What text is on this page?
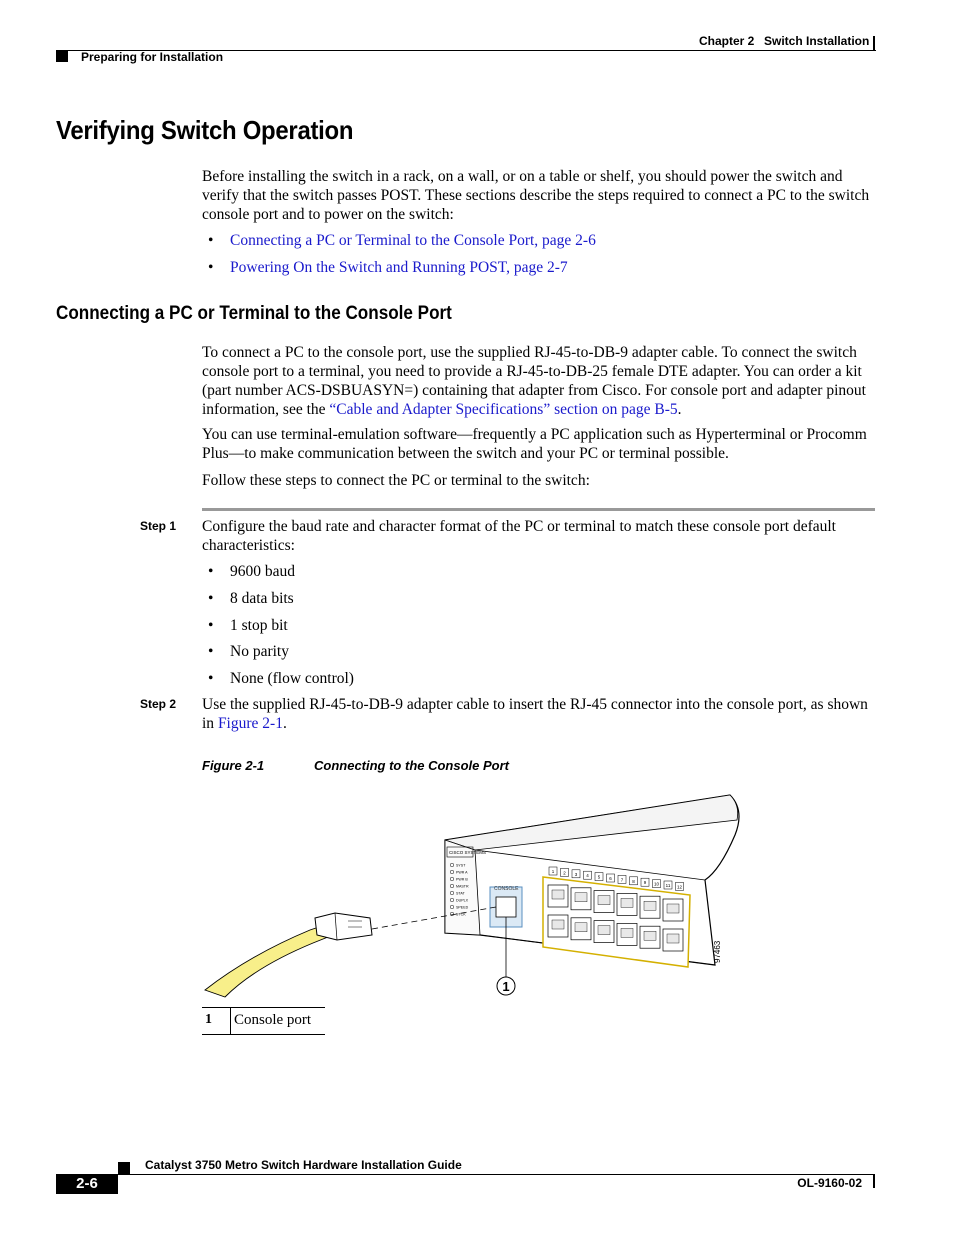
Chapter 2 Switch Installation
Preparing for Installation
Verifying Switch Operation

Before installing the switch in a rack, on a wall, or on a table or shelf, you should power the switch and verify that the switch passes POST. These sections describe the steps required to connect a PC to the switch console port and to power on the switch:

• Connecting a PC or Terminal to the Console Port, page 2-6
• Powering On the Switch and Running POST, page 2-7
Connecting a PC or Terminal to the Console Port

To connect a PC to the console port, use the supplied RJ-45-to-DB-9 adapter cable. To connect the switch console port to a terminal, you need to provide a RJ-45-to-DB-25 female DTE adapter. You can order a kit (part number ACS-DSBUASYN=) containing that adapter from Cisco. For console port and adapter pinout information, see the “Cable and Adapter Specifications” section on page B-5.

You can use terminal-emulation software—frequently a PC application such as Hyperterminal or Procomm Plus—to make communication between the switch and your PC or terminal possible.

Follow these steps to connect the PC or terminal to the switch:

Step 1 Configure the baud rate and character format of the PC or terminal to match these console port default characteristics:

• 9600 baud
• 8 data bits
• 1 stop bit
• No parity
• None (flow control)
Step 2 Use the supplied RJ-45-to-DB-9 adapter cable to insert the RJ-45 connector into the console port, as shown in Figure 2-1.

Figure 2-1	Connecting to the Console Port
CISCO SYSTEMS
SYST
PWR A
PWR B
MASTR
STAT
DUPLX
SPEED
STCK
CONSOLE
1 2 3 4 5 6 7 8 9 10 11 12
1
97463
1 Console port
2-6
Catalyst 3750 Metro Switch Hardware Installation Guide
OL-9160-02
